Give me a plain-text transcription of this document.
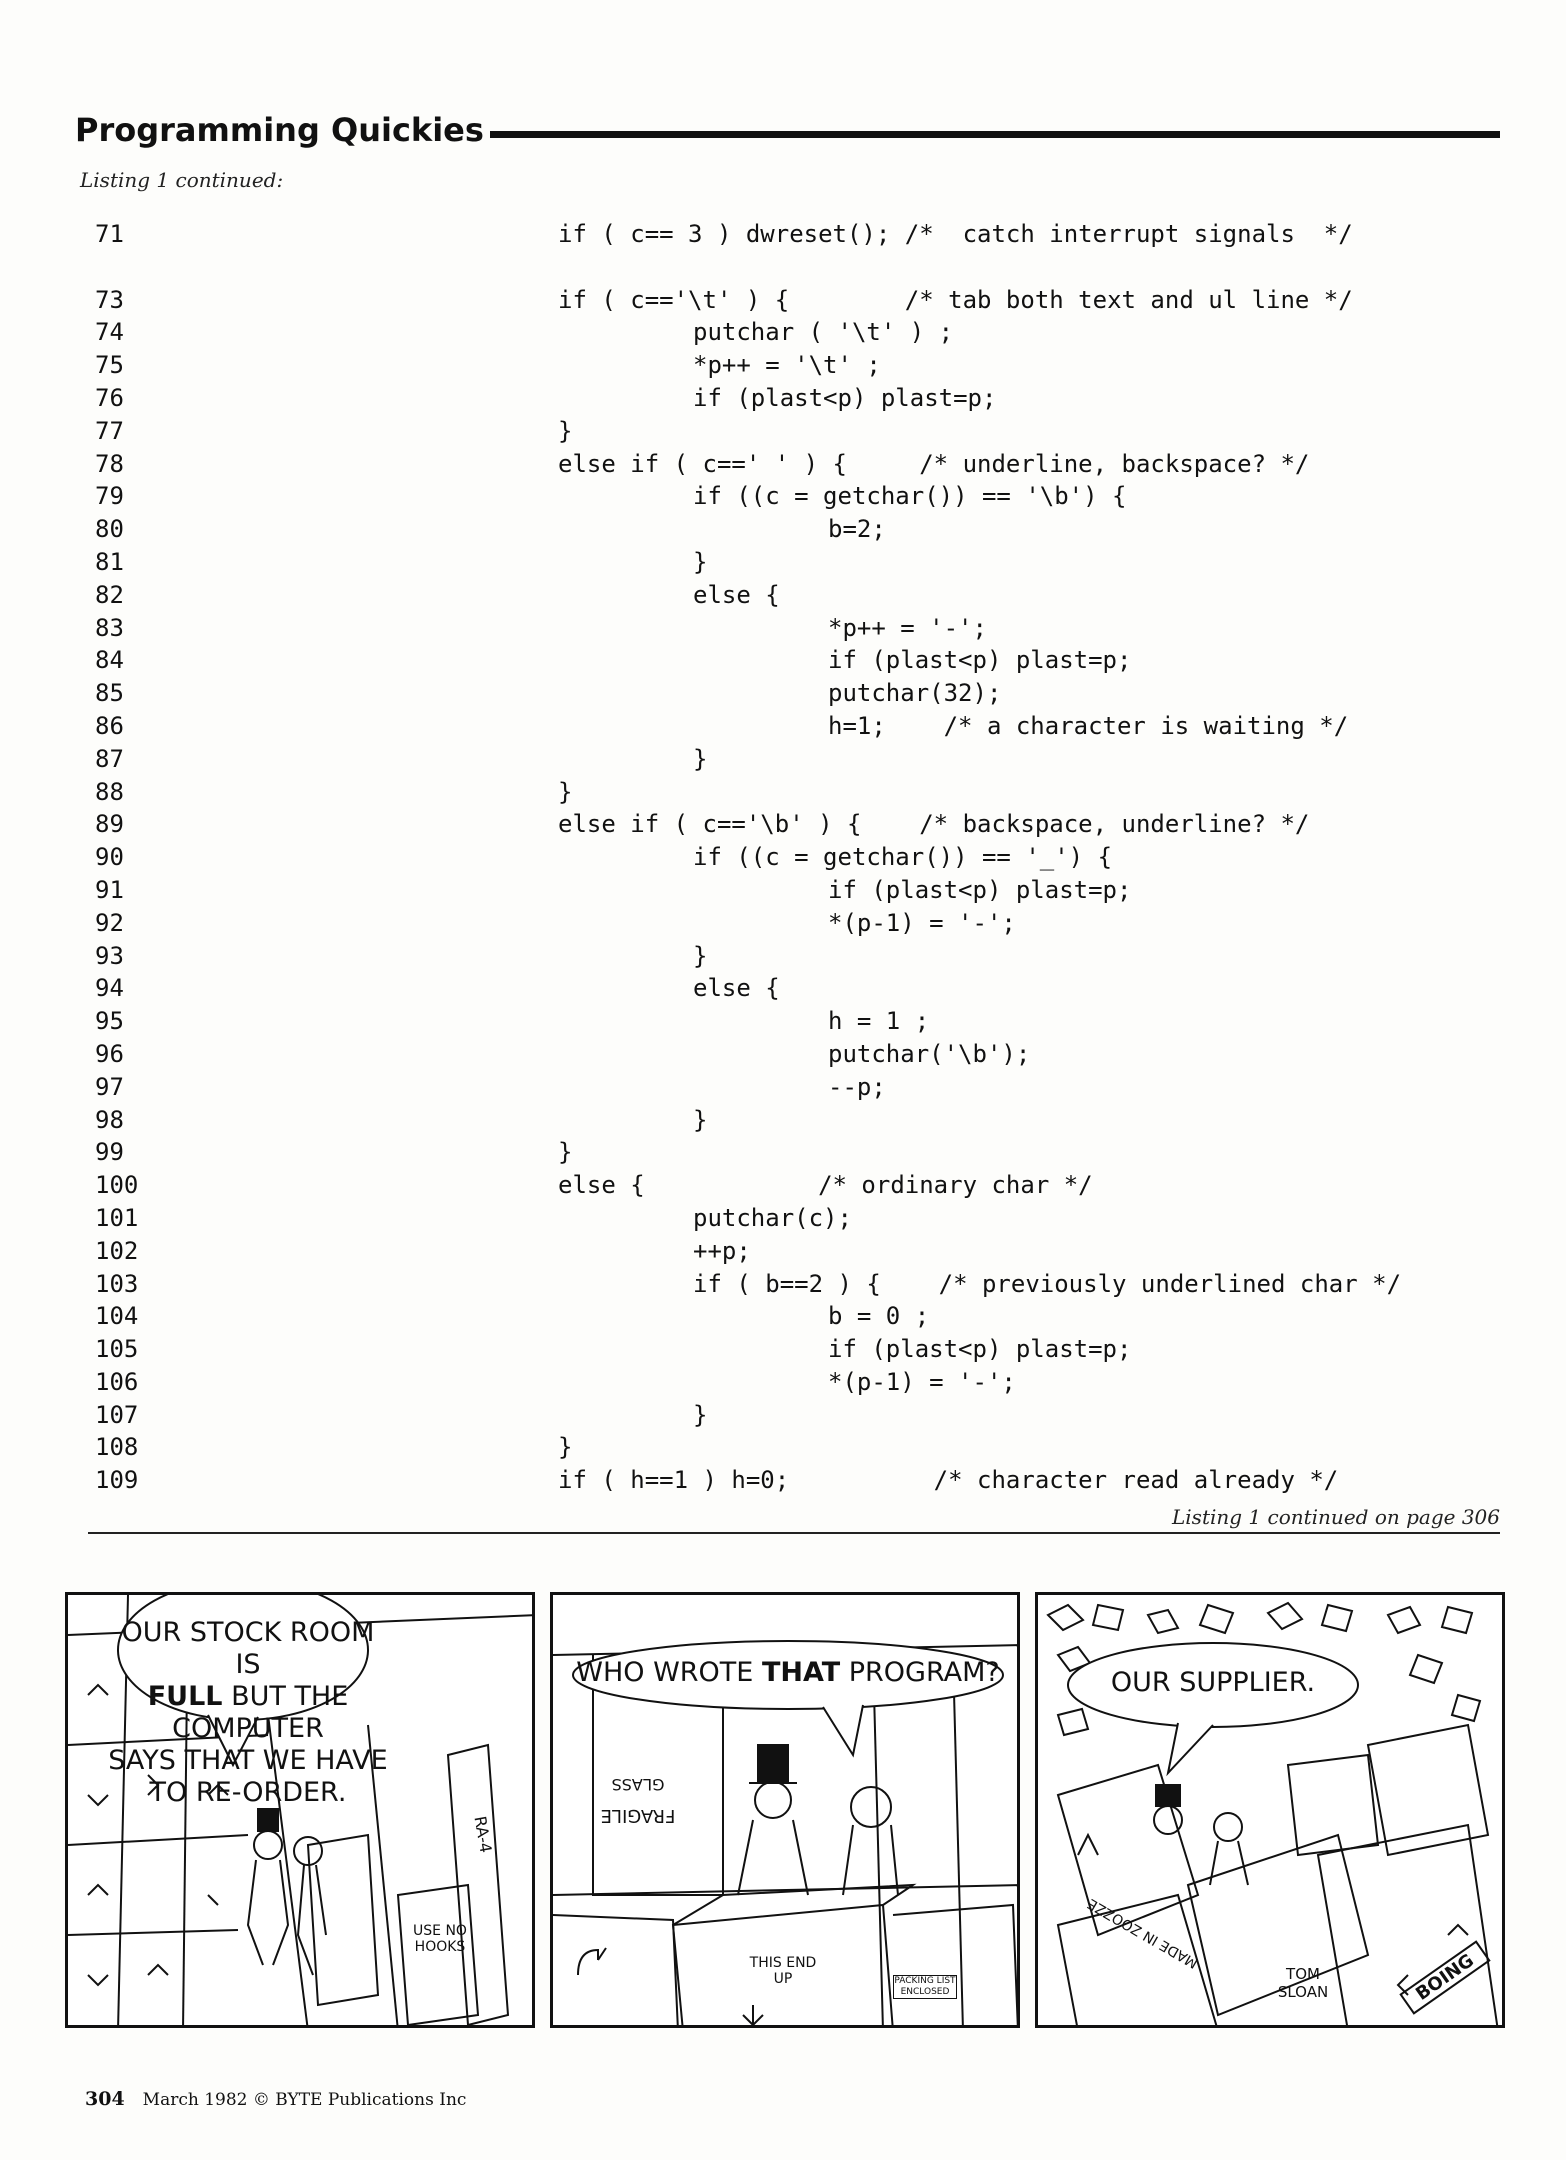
Programming Quickies
Listing 1 continued:
71	if ( c== 3 ) dwreset(); /*  catch interrupt signals  */
73	if ( c=='\t' ) {        /* tab both text and ul line */
74	putchar ( '\t' ) ;
75	*p++ = '\t' ;
76	if (plast<p) plast=p;
77	}
78	else if ( c==' ' ) {     /* underline, backspace? */
79	if ((c = getchar()) == '\b') {
80	b=2;
81	}
82	else {
83	*p++ = '-';
84	if (plast<p) plast=p;
85	putchar(32);
86	h=1;    /* a character is waiting */
87	}
88	}
89	else if ( c=='\b' ) {    /* backspace, underline? */
90	if ((c = getchar()) == '_') {
91	if (plast<p) plast=p;
92	*(p-1) = '-';
93	}
94	else {
95	h = 1 ;
96	putchar('\b');
97	--p;
98	}
99	}
100	else {            /* ordinary char */
101	putchar(c);
102	++p;
103	if ( b==2 ) {    /* previously underlined char */
104	b = 0 ;
105	if (plast<p) plast=p;
106	*(p-1) = '-';
107	}
108	}
109	if ( h==1 ) h=0;          /* character read already */
Listing 1 continued on page 306
OUR STOCK ROOM IS
FULL BUT THE COMPUTER
SAYS THAT WE HAVE
TO RE-ORDER.
USE NO HOOKS
RA-4
WHO WROTE THAT PROGRAM?
THIS END UP
FRAGILE
GLASS
PACKING LIST ENCLOSED
OUR SUPPLIER.
MADE IN ZOOZZE
TOM SLOAN	BOING
304 March 1982 © BYTE Publications Inc
